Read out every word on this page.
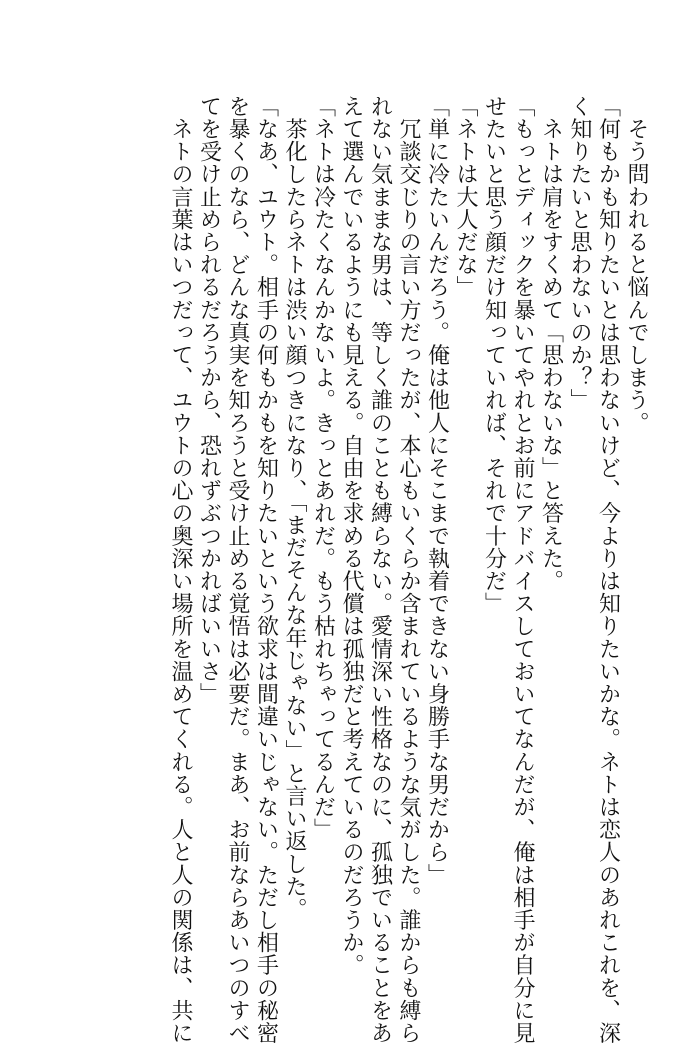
　そう問われると悩んでしまう。
「何もかも知りたいとは思わないけど、今よりは知りたいかな。ネトは恋人のあれこれを、深
く知りたいと思わないのか？」
　ネトは肩をすくめて「思わないな」と答えた。
「もっとディックを暴いてやれとお前にアドバイスしておいてなんだが、俺は相手が自分に見
せたいと思う顔だけ知っていれば、それで十分だ」
「ネトは大人だな」
「単に冷たいんだろう。俺は他人にそこまで執着できない身勝手な男だから」
　冗談交じりの言い方だったが、本心もいくらか含まれているような気がした。誰からも縛ら
れない気ままな男は、等しく誰のことも縛らない。愛情深い性格なのに、孤独でいることをあ
えて選んでいるようにも見える。自由を求める代償は孤独だと考えているのだろうか。
「ネトは冷たくなんかないよ。きっとあれだ。もう枯れちゃってるんだ」
　茶化したらネトは渋い顔つきになり、「まだそんな年じゃない」と言い返した。
「なあ、ユウト。相手の何もかもを知りたいという欲求は間違いじゃない。ただし相手の秘密
を暴くのなら、どんな真実を知ろうと受け止める覚悟は必要だ。まあ、お前ならあいつのすべ
てを受け止められるだろうから、恐れずぶつかればいいさ」
　ネトの言葉はいつだって、ユウトの心の奥深い場所を温めてくれる。人と人の関係は、共に
